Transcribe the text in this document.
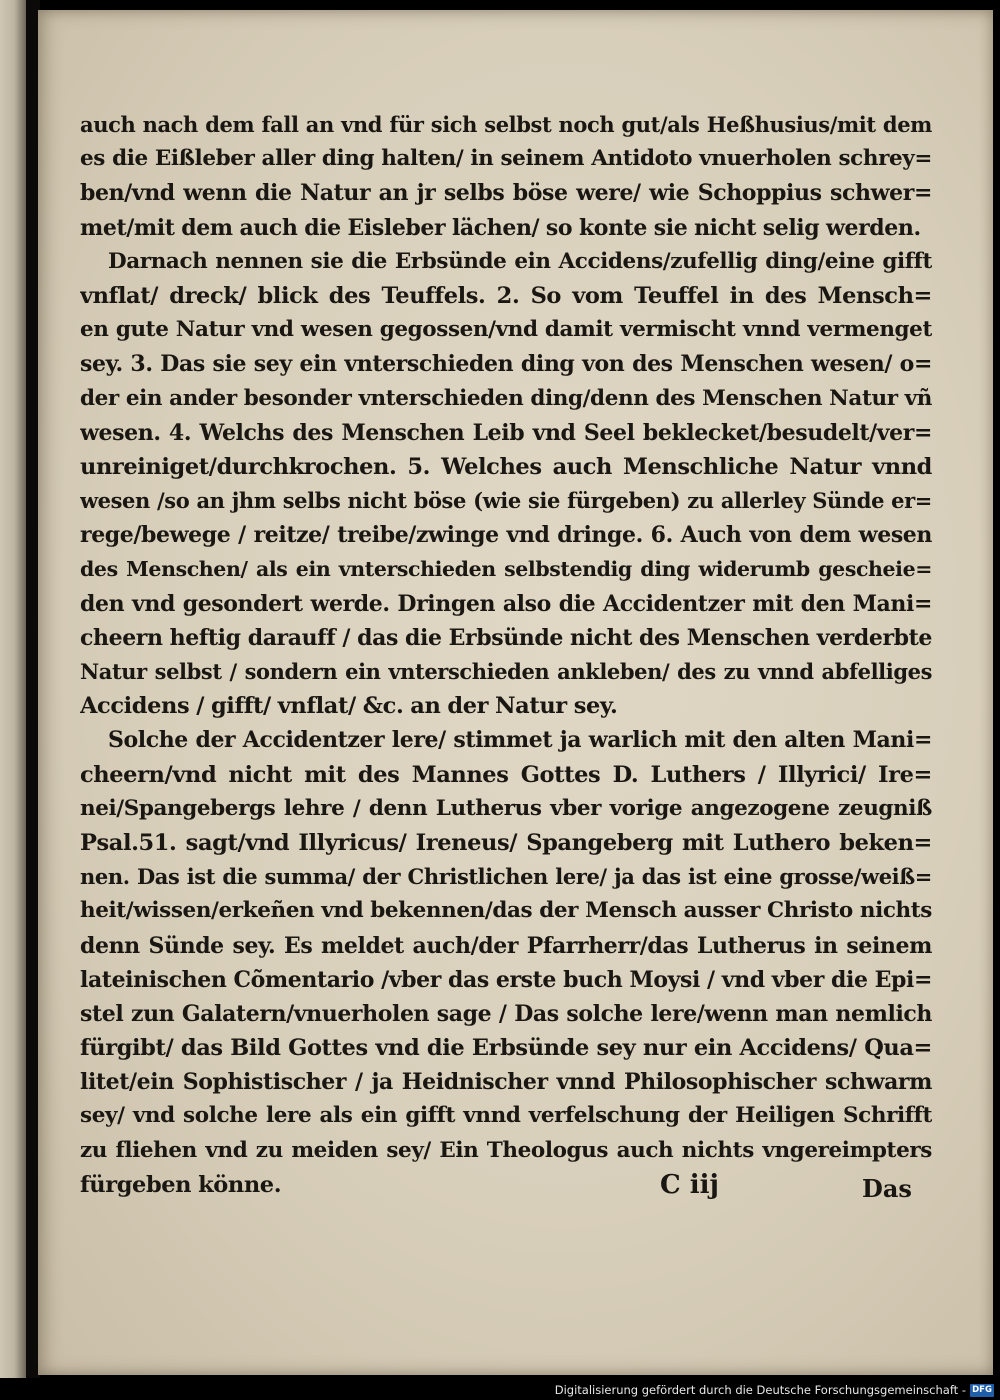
auch nach dem fall an vnd für sich selbst noch gut/als Heßhusius/mit dem
es die Eißleber aller ding halten/ in seinem Antidoto vnuerholen schrey=
ben/vnd wenn die Natur an jr selbs böse were/ wie Schoppius schwer=
met/mit dem auch die Eisleber lächen/ so konte sie nicht selig werden.
Darnach nennen sie die Erbsünde ein Accidens/zufellig ding/eine gifft
vnflat/ dreck/ blick des Teuffels. 2. So vom Teuffel in des Mensch=
en gute Natur vnd wesen gegossen/vnd damit vermischt vnnd vermenget
sey. 3. Das sie sey ein vnterschieden ding von des Menschen wesen/ o=
der ein ander besonder vnterschieden ding/denn des Menschen Natur vñ
wesen. 4. Welchs des Menschen Leib vnd Seel beklecket/besudelt/ver=
unreiniget/durchkrochen. 5. Welches auch Menschliche Natur vnnd
wesen /so an jhm selbs nicht böse (wie sie fürgeben) zu allerley Sünde er=
rege/bewege / reitze/ treibe/zwinge vnd dringe. 6. Auch von dem wesen
des Menschen/ als ein vnterschieden selbstendig ding widerumb gescheie=
den vnd gesondert werde. Dringen also die Accidentzer mit den Mani=
cheern heftig darauff / das die Erbsünde nicht des Menschen verderbte
Natur selbst / sondern ein vnterschieden ankleben/ des zu vnnd abfelliges
Accidens / gifft/ vnflat/ &c. an der Natur sey.
Solche der Accidentzer lere/ stimmet ja warlich mit den alten Mani=
cheern/vnd nicht mit des Mannes Gottes D. Luthers / Illyrici/ Ire=
nei/Spangebergs lehre / denn Lutherus vber vorige angezogene zeugniß
Psal.51. sagt/vnd Illyricus/ Ireneus/ Spangeberg mit Luthero beken=
nen. Das ist die summa/ der Christlichen lere/ ja das ist eine grosse/weiß=
heit/wissen/erkeñen vnd bekennen/das der Mensch ausser Christo nichts
denn Sünde sey. Es meldet auch/der Pfarrherr/das Lutherus in seinem
lateinischen Cõmentario /vber das erste buch Moysi / vnd vber die Epi=
stel zun Galatern/vnuerholen sage / Das solche lere/wenn man nemlich
fürgibt/ das Bild Gottes vnd die Erbsünde sey nur ein Accidens/ Qua=
litet/ein Sophistischer / ja Heidnischer vnnd Philosophischer schwarm
sey/ vnd solche lere als ein gifft vnnd verfelschung der Heiligen Schrifft
zu fliehen vnd zu meiden sey/ Ein Theologus auch nichts vngereimpters
fürgeben könne.	C iij	Das
Digitalisierung gefördert durch die Deutsche Forschungsgemeinschaft - DFG
